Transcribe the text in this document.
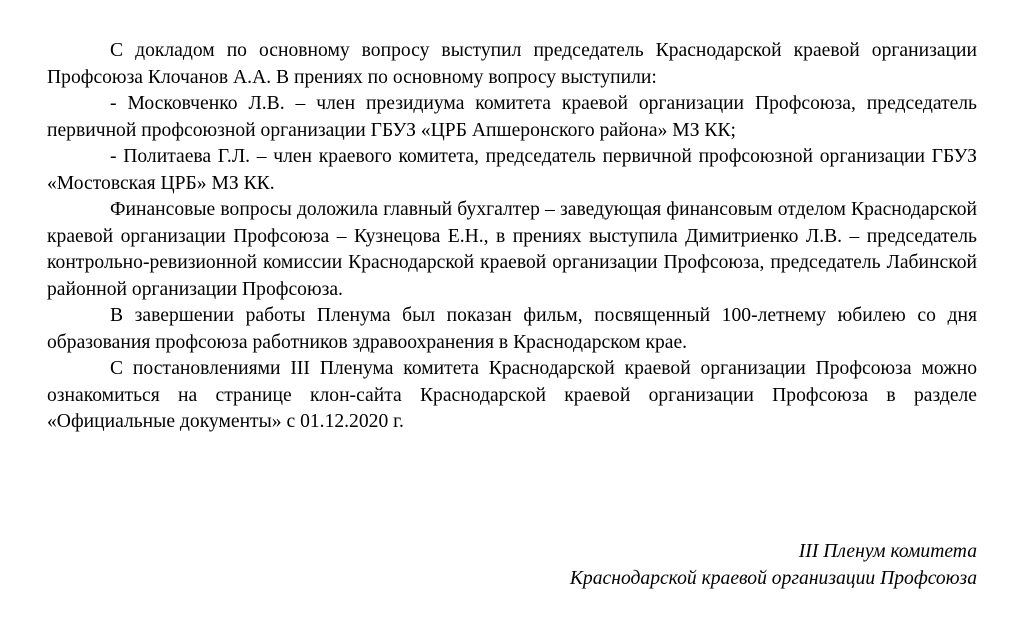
С докладом по основному вопросу выступил председатель Краснодарской краевой организации Профсоюза Клочанов А.А. В прениях по основному вопросу выступили:

- Московченко Л.В. – член президиума комитета краевой организации Профсоюза, председатель первичной профсоюзной организации ГБУЗ «ЦРБ Апшеронского района» МЗ КК;

- Политаева Г.Л. – член краевого комитета, председатель первичной профсоюзной организации ГБУЗ «Мостовская ЦРБ» МЗ КК.

Финансовые вопросы доложила главный бухгалтер – заведующая финансовым отделом Краснодарской краевой организации Профсоюза – Кузнецова Е.Н., в прениях выступила Димитриенко Л.В. – председатель контрольно-ревизионной комиссии Краснодарской краевой организации Профсоюза, председатель Лабинской районной организации Профсоюза.

В завершении работы Пленума был показан фильм, посвященный 100-летнему юбилею со дня образования профсоюза работников здравоохранения в Краснодарском крае.

С постановлениями III Пленума комитета Краснодарской краевой организации Профсоюза можно ознакомиться на странице клон-сайта Краснодарской краевой организации Профсоюза в разделе «Официальные документы» с 01.12.2020 г.

III Пленум комитета
Краснодарской краевой организации Профсоюза
